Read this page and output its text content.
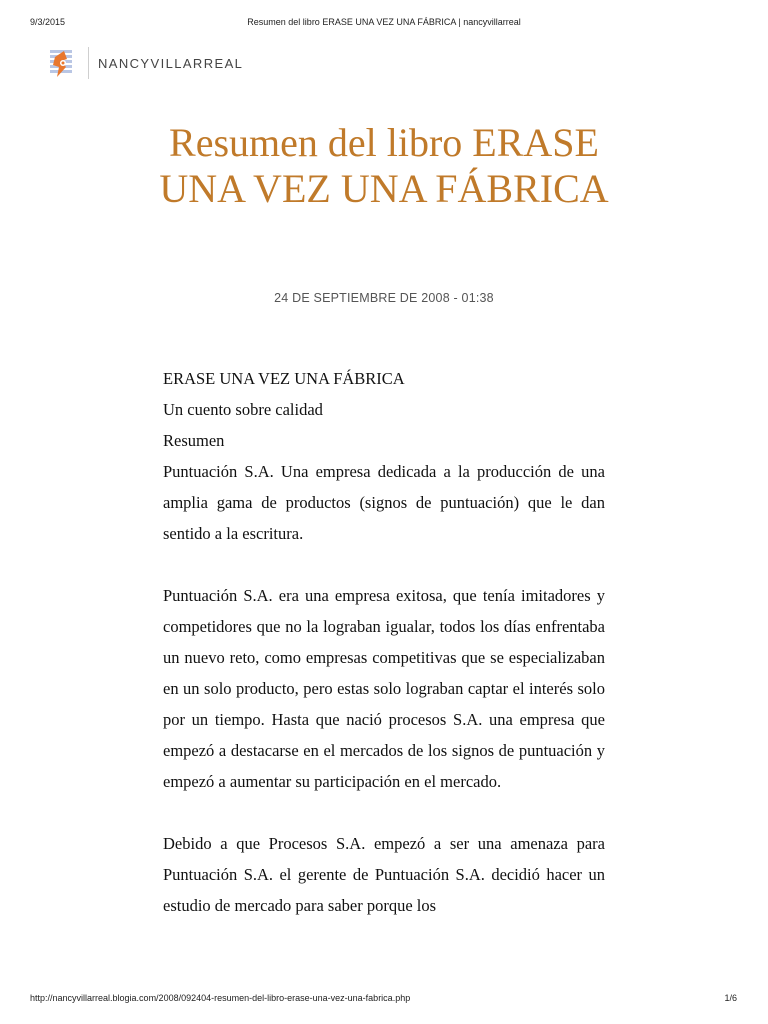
9/3/2015	Resumen del libro ERASE UNA VEZ UNA FÁBRICA | nancyvillarreal
NANCYVILLARREAL
Resumen del libro ERASE UNA VEZ UNA FÁBRICA
24 DE SEPTIEMBRE DE 2008 - 01:38

ERASE UNA VEZ UNA FÁBRICA

Un cuento sobre calidad

Resumen

Puntuación S.A. Una empresa dedicada a la producción de una amplia gama de productos (signos de puntuación) que le dan sentido a la escritura.

Puntuación S.A. era una empresa exitosa, que tenía imitadores y competidores que no la lograban igualar, todos los días enfrentaba un nuevo reto, como empresas competitivas que se especializaban en un solo producto, pero estas solo lograban captar el interés solo por un tiempo. Hasta que nació procesos S.A. una empresa que empezó a destacarse en el mercados de los signos de puntuación y empezó a aumentar su participación en el mercado.

Debido a que Procesos S.A. empezó a ser una amenaza para Puntuación S.A. el gerente de Puntuación S.A. decidió hacer un estudio de mercado para saber porque los

http://nancyvillarreal.blogia.com/2008/092404-resumen-del-libro-erase-una-vez-una-fabrica.php	1/6
